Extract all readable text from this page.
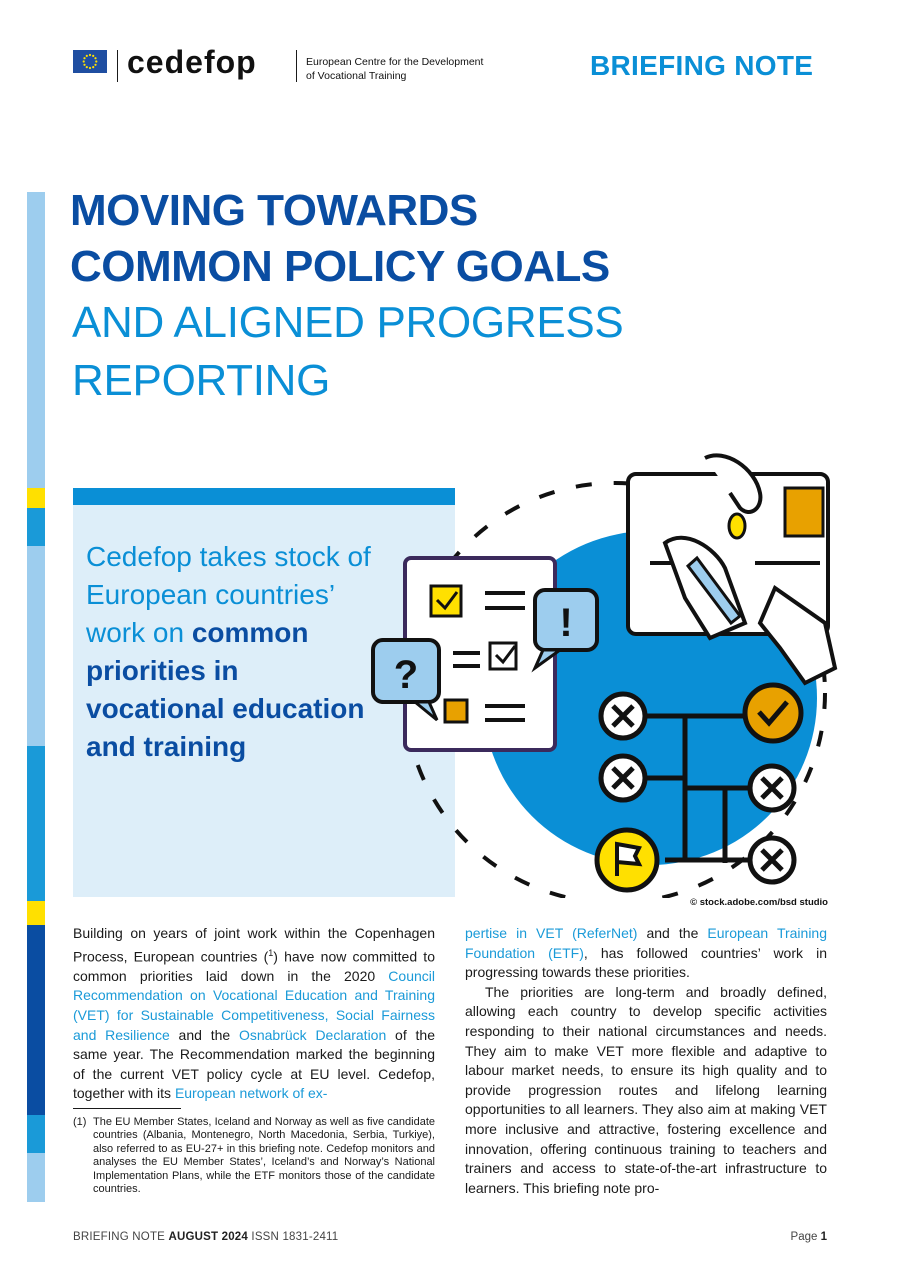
cedefop	European Centre for the Development
of Vocational Training	BRIEFING NOTE
MOVING TOWARDS
COMMON POLICY GOALS
AND ALIGNED PROGRESS
REPORTING
Cedefop takes stock of European countries’ work on common priorities in vocational education and training
?
!
© stock.adobe.com/bsd studio

Building on years of joint work within the Copenhagen Process, European countries ($^1$) have now committed to common priorities laid down in the 2020 Council Recommendation on Vocational Education and Training (VET) for Sustainable Competitiveness, Social Fairness and Resilience and the Osnabrück Declaration of the same year. The Recommendation marked the beginning of the current VET policy cycle at EU level. Cedefop, together with its European network of ex-

pertise in VET (ReferNet) and the European Training Foundation (ETF), has followed countries’ work in progressing towards these priorities.

The priorities are long-term and broadly defined, allowing each country to develop specific activities responding to their national circumstances and needs. They aim to make VET more flexible and adaptive to labour market needs, to ensure its high quality and to provide progression routes and lifelong learning opportunities to all learners. They also aim at making VET more inclusive and attractive, fostering excellence and innovation, offering continuous training to teachers and trainers and access to state-of-the-art infrastructure to learners. This briefing note pro-

(1) The EU Member States, Iceland and Norway as well as five candidate countries (Albania, Montenegro, North Macedonia, Serbia, Turkiye), also referred to as EU-27+ in this briefing note. Cedefop monitors and analyses the EU Member States’, Iceland’s and Norway’s National Implementation Plans, while the ETF monitors those of the candidate countries.
BRIEFING NOTE AUGUST 2024 ISSN 1831-2411	Page 1
